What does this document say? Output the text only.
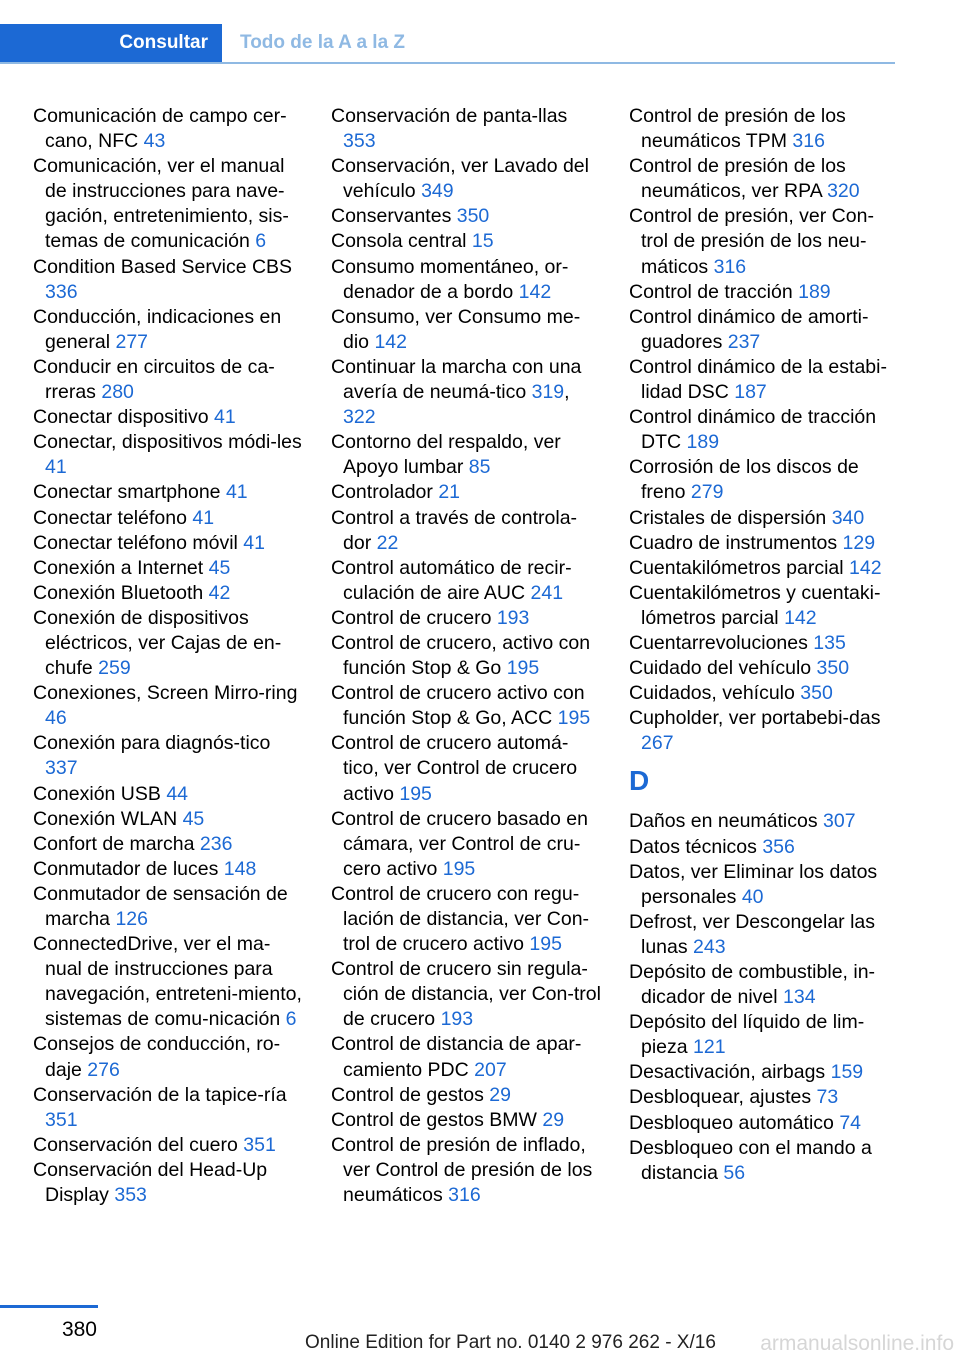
Consultar	Todo de la A a la Z
Comunicación de campo cer-cano, NFC 43
Comunicación, ver el manual de instrucciones para nave-gación, entretenimiento, sis-temas de comunicación 6
Condition Based Service CBS 336
Conducción, indicaciones en general 277
Conducir en circuitos de ca-rreras 280
Conectar dispositivo 41
Conectar, dispositivos módi-les 41
Conectar smartphone 41
Conectar teléfono 41
Conectar teléfono móvil 41
Conexión a Internet 45
Conexión Bluetooth 42
Conexión de dispositivos eléctricos, ver Cajas de en-chufe 259
Conexiones, Screen Mirro-ring 46
Conexión para diagnós-tico 337
Conexión USB 44
Conexión WLAN 45
Confort de marcha 236
Conmutador de luces 148
Conmutador de sensación de marcha 126
ConnectedDrive, ver el ma-nual de instrucciones para navegación, entreteni-miento, sistemas de comu-nicación 6
Consejos de conducción, ro-daje 276
Conservación de la tapice-ría 351
Conservación del cuero 351
Conservación del Head-Up Display 353
Conservación de panta-llas 353
Conservación, ver Lavado del vehículo 349
Conservantes 350
Consola central 15
Consumo momentáneo, or-denador de a bordo 142
Consumo, ver Consumo me-dio 142
Continuar la marcha con una avería de neumá-tico 319, 322
Contorno del respaldo, ver Apoyo lumbar 85
Controlador 21
Control a través de controla-dor 22
Control automático de recir-culación de aire AUC 241
Control de crucero 193
Control de crucero, activo con función Stop & Go 195
Control de crucero activo con función Stop & Go, ACC 195
Control de crucero automá-tico, ver Control de crucero activo 195
Control de crucero basado en cámara, ver Control de cru-cero activo 195
Control de crucero con regu-lación de distancia, ver Con-trol de crucero activo 195
Control de crucero sin regula-ción de distancia, ver Con-trol de crucero 193
Control de distancia de apar-camiento PDC 207
Control de gestos 29
Control de gestos BMW 29
Control de presión de inflado, ver Control de presión de los neumáticos 316
Control de presión de los neumáticos TPM 316
Control de presión de los neumáticos, ver RPA 320
Control de presión, ver Con-trol de presión de los neu-máticos 316
Control de tracción 189
Control dinámico de amorti-guadores 237
Control dinámico de la estabi-lidad DSC 187
Control dinámico de tracción DTC 189
Corrosión de los discos de freno 279
Cristales de dispersión 340
Cuadro de instrumentos 129
Cuentakilómetros parcial 142
Cuentakilómetros y cuentaki-lómetros parcial 142
Cuentarrevoluciones 135
Cuidado del vehículo 350
Cuidados, vehículo 350
Cupholder, ver portabebi-das 267
D
Daños en neumáticos 307
Datos técnicos 356
Datos, ver Eliminar los datos personales 40
Defrost, ver Descongelar las lunas 243
Depósito de combustible, in-dicador de nivel 134
Depósito del líquido de lim-pieza 121
Desactivación, airbags 159
Desbloquear, ajustes 73
Desbloqueo automático 74
Desbloqueo con el mando a distancia 56
380
Online Edition for Part no. 0140 2 976 262 - X/16 armanualsonline.info
